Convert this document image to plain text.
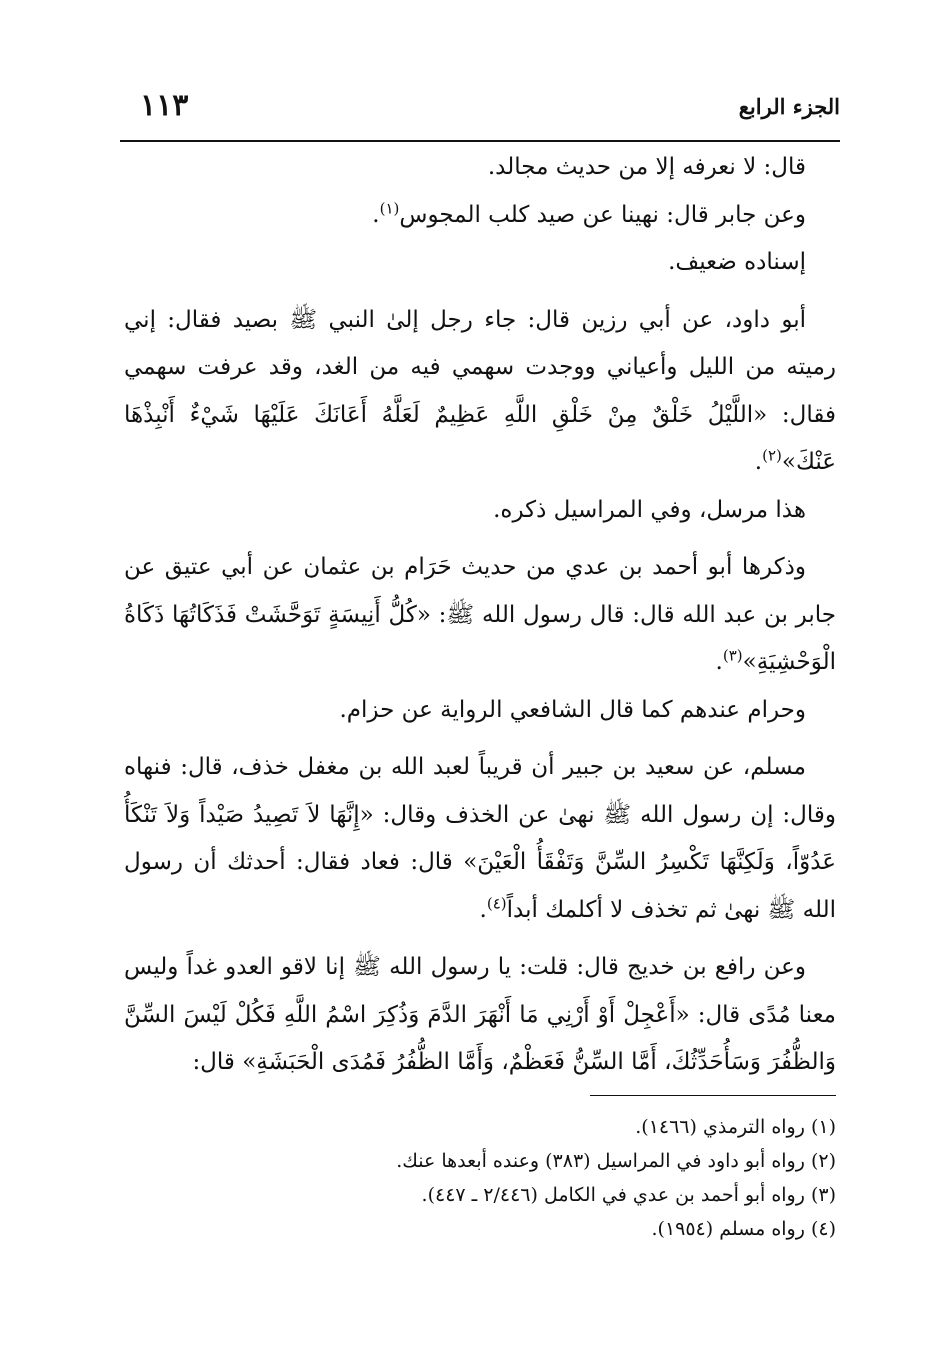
الجزء الرابع
١١٣

قال: لا نعرفه إلا من حديث مجالد.

وعن جابر قال: نهينا عن صيد كلب المجوس$^{(١)}$.

إسناده ضعيف.

أبو داود، عن أبي رزين قال: جاء رجل إلىٰ النبي ﷺ بصيد فقال: إني رميته من الليل وأعياني ووجدت سهمي فيه من الغد، وقد عرفت سهمي فقال: «اللَّيْلُ خَلْقٌ مِنْ خَلْقِ اللَّهِ عَظِيمٌ لَعَلَّهُ أَعَانَكَ عَلَيْهَا شَيْءٌ أَنْبِذْهَا عَنْكَ»$^{(٢)}$.

هذا مرسل، وفي المراسيل ذكره.

وذكرها أبو أحمد بن عدي من حديث حَرَام بن عثمان عن أبي عتيق عن جابر بن عبد الله قال: قال رسول الله ﷺ: «كُلُّ أَنِيسَةٍ تَوَحَّشَتْ فَذَكَاتُهَا ذَكَاةُ الْوَحْشِيَةِ»$^{(٣)}$.

وحرام عندهم كما قال الشافعي الرواية عن حزام.

مسلم، عن سعيد بن جبير أن قريباً لعبد الله بن مغفل خذف، قال: فنهاه وقال: إن رسول الله ﷺ نهىٰ عن الخذف وقال: «إِنَّهَا لاَ تَصِيدُ صَيْداً وَلاَ تَنْكَأُ عَدُوّاً، وَلَكِنَّهَا تَكْسِرُ السِّنَّ وَتَفْقَأُ الْعَيْنَ» قال: فعاد فقال: أحدثك أن رسول الله ﷺ نهىٰ ثم تخذف لا أكلمك أبداً$^{(٤)}$.

وعن رافع بن خديج قال: قلت: يا رسول الله ﷺ إنا لاقو العدو غداً وليس معنا مُدًى قال: «أَعْجِلْ أَوْ أَرْنِي مَا أَنْهَرَ الدَّمَ وَذُكِرَ اسْمُ اللَّهِ فَكُلْ لَيْسَ السِّنَّ وَالظُّفُرَ وَسَأُحَدِّثُكَ، أَمَّا السِّنُّ فَعَظْمٌ، وَأَمَّا الظُّفُرُ فَمُدَى الْحَبَشَةِ» قال:

(١) رواه الترمذي (١٤٦٦).

(٢) رواه أبو داود في المراسيل (٣٨٣) وعنده أبعدها عنك.

(٣) رواه أبو أحمد بن عدي في الكامل (٢/٤٤٦ ـ ٤٤٧).

(٤) رواه مسلم (١٩٥٤).
